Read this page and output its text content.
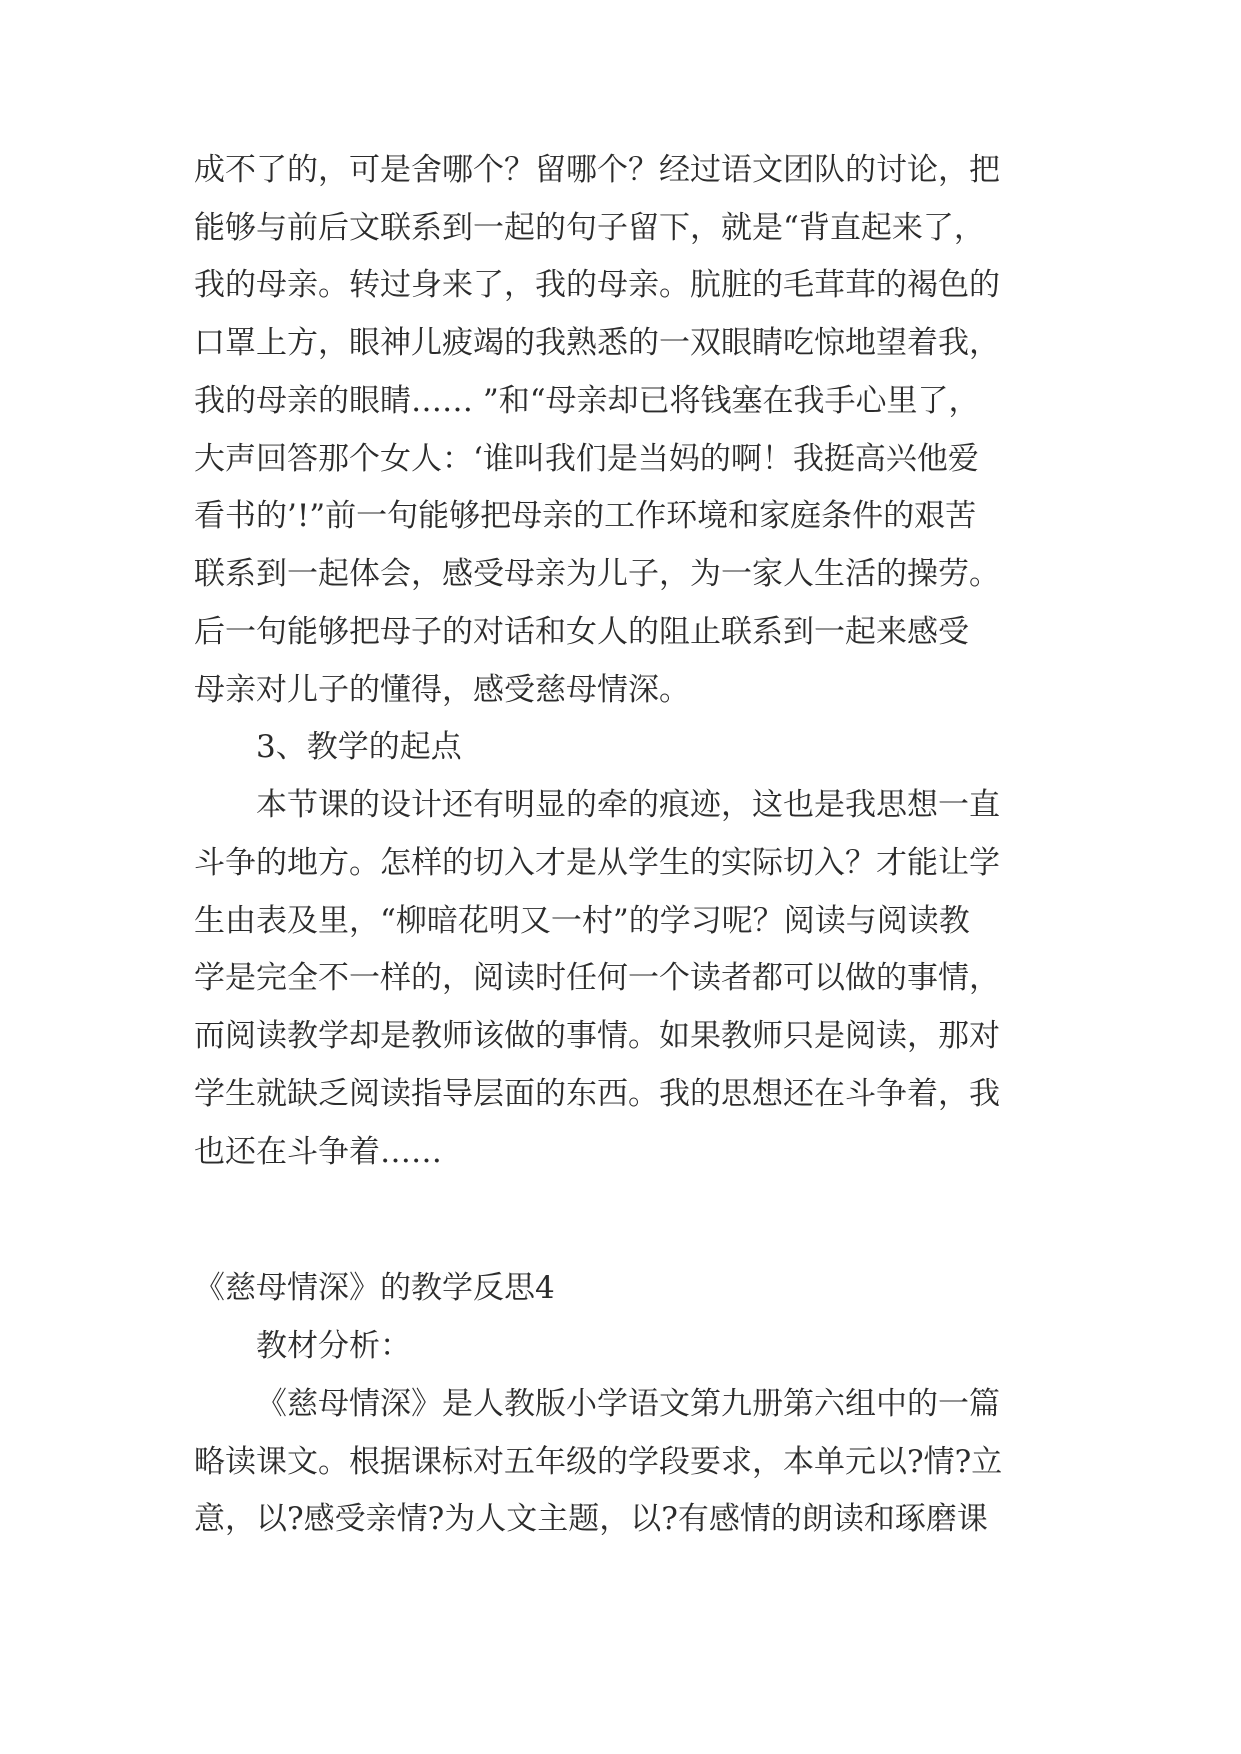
成不了的，可是舍哪个？留哪个？经过语文团队的讨论，把

能够与前后文联系到一起的句子留下，就是“背直起来了，

我的母亲。转过身来了，我的母亲。肮脏的毛茸茸的褐色的

口罩上方，眼神儿疲竭的我熟悉的一双眼睛吃惊地望着我，

我的母亲的眼睛…… ”和“母亲却已将钱塞在我手心里了，

大声回答那个女人：‘谁叫我们是当妈的啊！我挺高兴他爱

看书的’!”前一句能够把母亲的工作环境和家庭条件的艰苦

联系到一起体会，感受母亲为儿子，为一家人生活的操劳。

后一句能够把母子的对话和女人的阻止联系到一起来感受

母亲对儿子的懂得，感受慈母情深。

3、教学的起点

本节课的设计还有明显的牵的痕迹，这也是我思想一直

斗争的地方。怎样的切入才是从学生的实际切入？才能让学

生由表及里，“柳暗花明又一村”的学习呢？阅读与阅读教

学是完全不一样的，阅读时任何一个读者都可以做的事情，

而阅读教学却是教师该做的事情。如果教师只是阅读，那对

学生就缺乏阅读指导层面的东西。我的思想还在斗争着，我

也还在斗争着……

《慈母情深》的教学反思4

教材分析：

《慈母情深》是人教版小学语文第九册第六组中的一篇

略读课文。根据课标对五年级的学段要求，本单元以?情?立

意，以?感受亲情?为人文主题，以?有感情的朗读和琢磨课
